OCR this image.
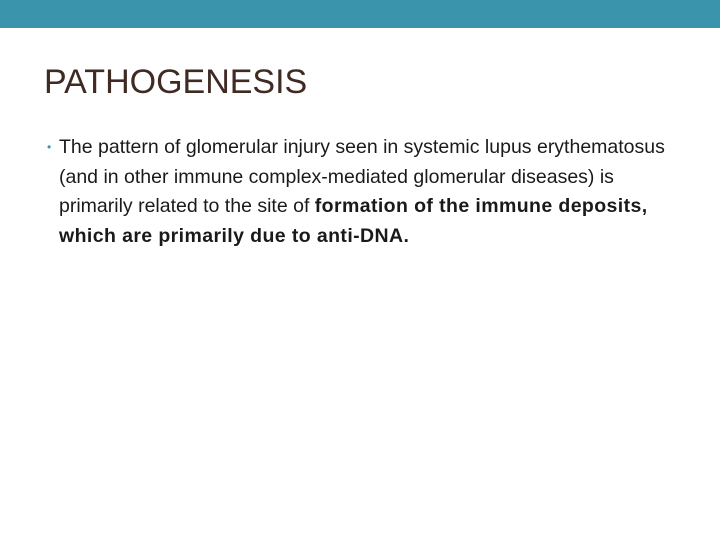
PATHOGENESIS
• The pattern of glomerular injury seen in systemic lupus erythematosus (and in other immune complex-mediated glomerular diseases) is primarily related to the site of formation of the immune deposits, which are primarily due to anti-DNA.
